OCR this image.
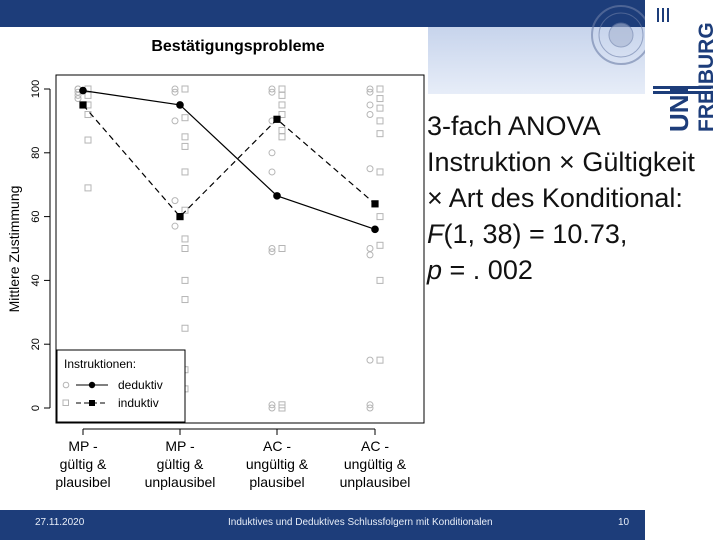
UNI FREIBURG
Bestätigungsprobleme
Mittlere Zustimmung
0
20
40
60
80
100
MP -
gültig &
plausibel
MP -
gültig &
unplausibel
AC -
ungültig &
plausibel
AC -
ungültig &
unplausibel
Instruktionen:
deduktiv
induktiv
3-fach ANOVA
Instruktion × Gültigkeit
× Art des Konditional:
F(1, 38) = 10.73,
p = . 002
27.11.2020	Induktives und Deduktives Schlussfolgern mit Konditionalen	10
